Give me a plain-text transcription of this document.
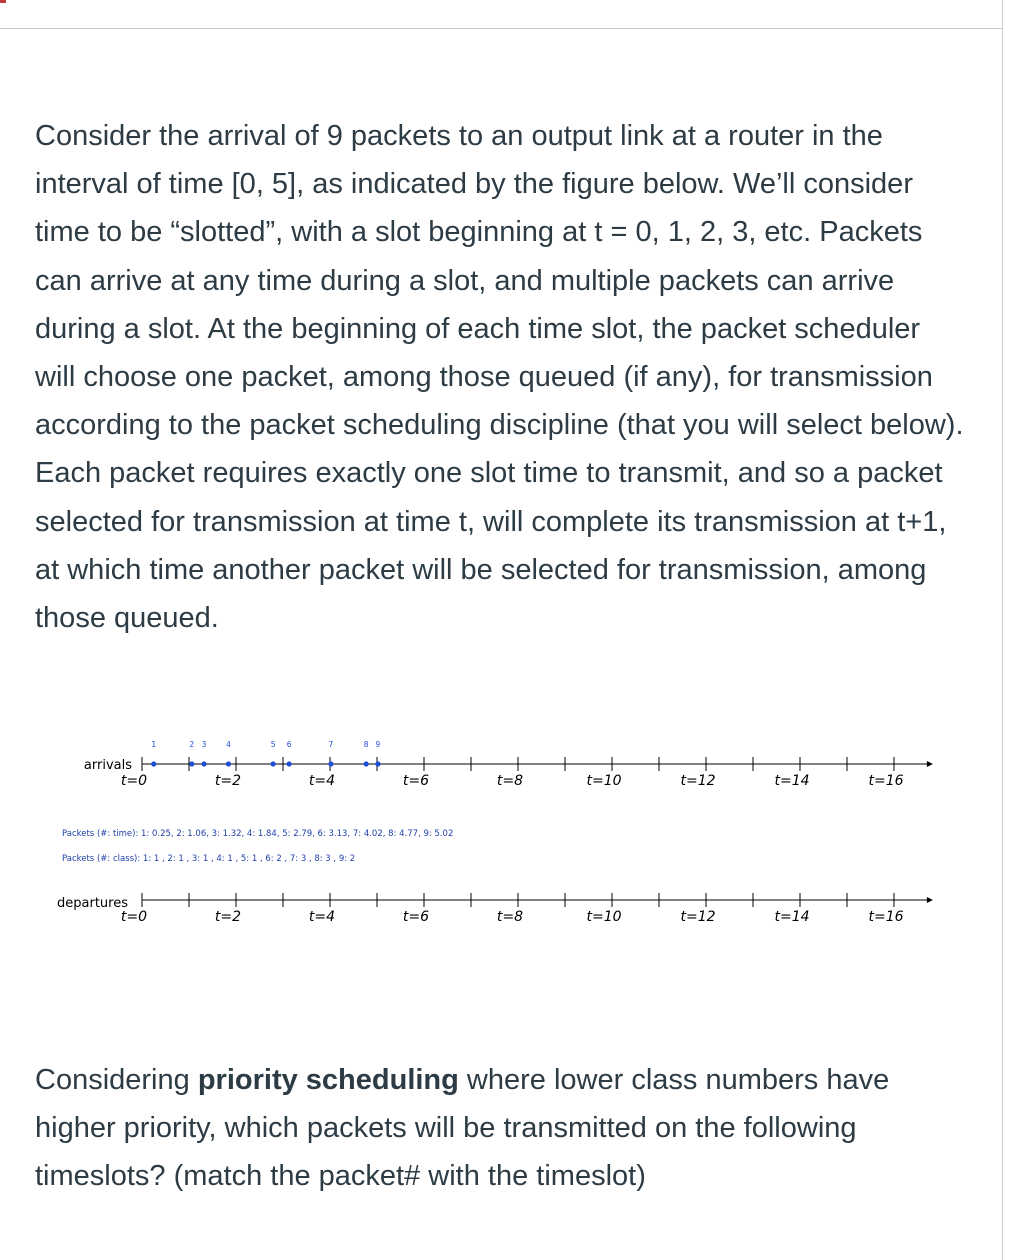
Consider the arrival of 9 packets to an output link at a router in the interval of time [0, 5], as indicated by the figure below. We’ll consider time to be “slotted”, with a slot beginning at t = 0, 1, 2, 3, etc. Packets can arrive at any time during a slot, and multiple packets can arrive during a slot. At the beginning of each time slot, the packet scheduler will choose one packet, among those queued (if any), for transmission according to the packet scheduling discipline (that you will select below). Each packet requires exactly one slot time to transmit, and so a packet selected for transmission at time t, will complete its transmission at t+1, at which time another packet will be selected for transmission, among those queued.

arrivals
t=0	t=2	t=4	t=6	t=8	t=10	t=12	t=14	t=16
1	2 3	4	5 6	7	8 9
Packets (#: time): 1: 0.25, 2: 1.06, 3: 1.32, 4: 1.84, 5: 2.79, 6: 3.13, 7: 4.02, 8: 4.77, 9: 5.02
Packets (#: class): 1: 1 , 2: 1 , 3: 1 , 4: 1 , 5: 1 , 6: 2 , 7: 3 , 8: 3 , 9: 2
departures
t=0	t=2	t=4	t=6	t=8	t=10	t=12	t=14	t=16

Considering priority scheduling where lower class numbers have higher priority, which packets will be transmitted on the following timeslots? (match the packet# with the timeslot)
